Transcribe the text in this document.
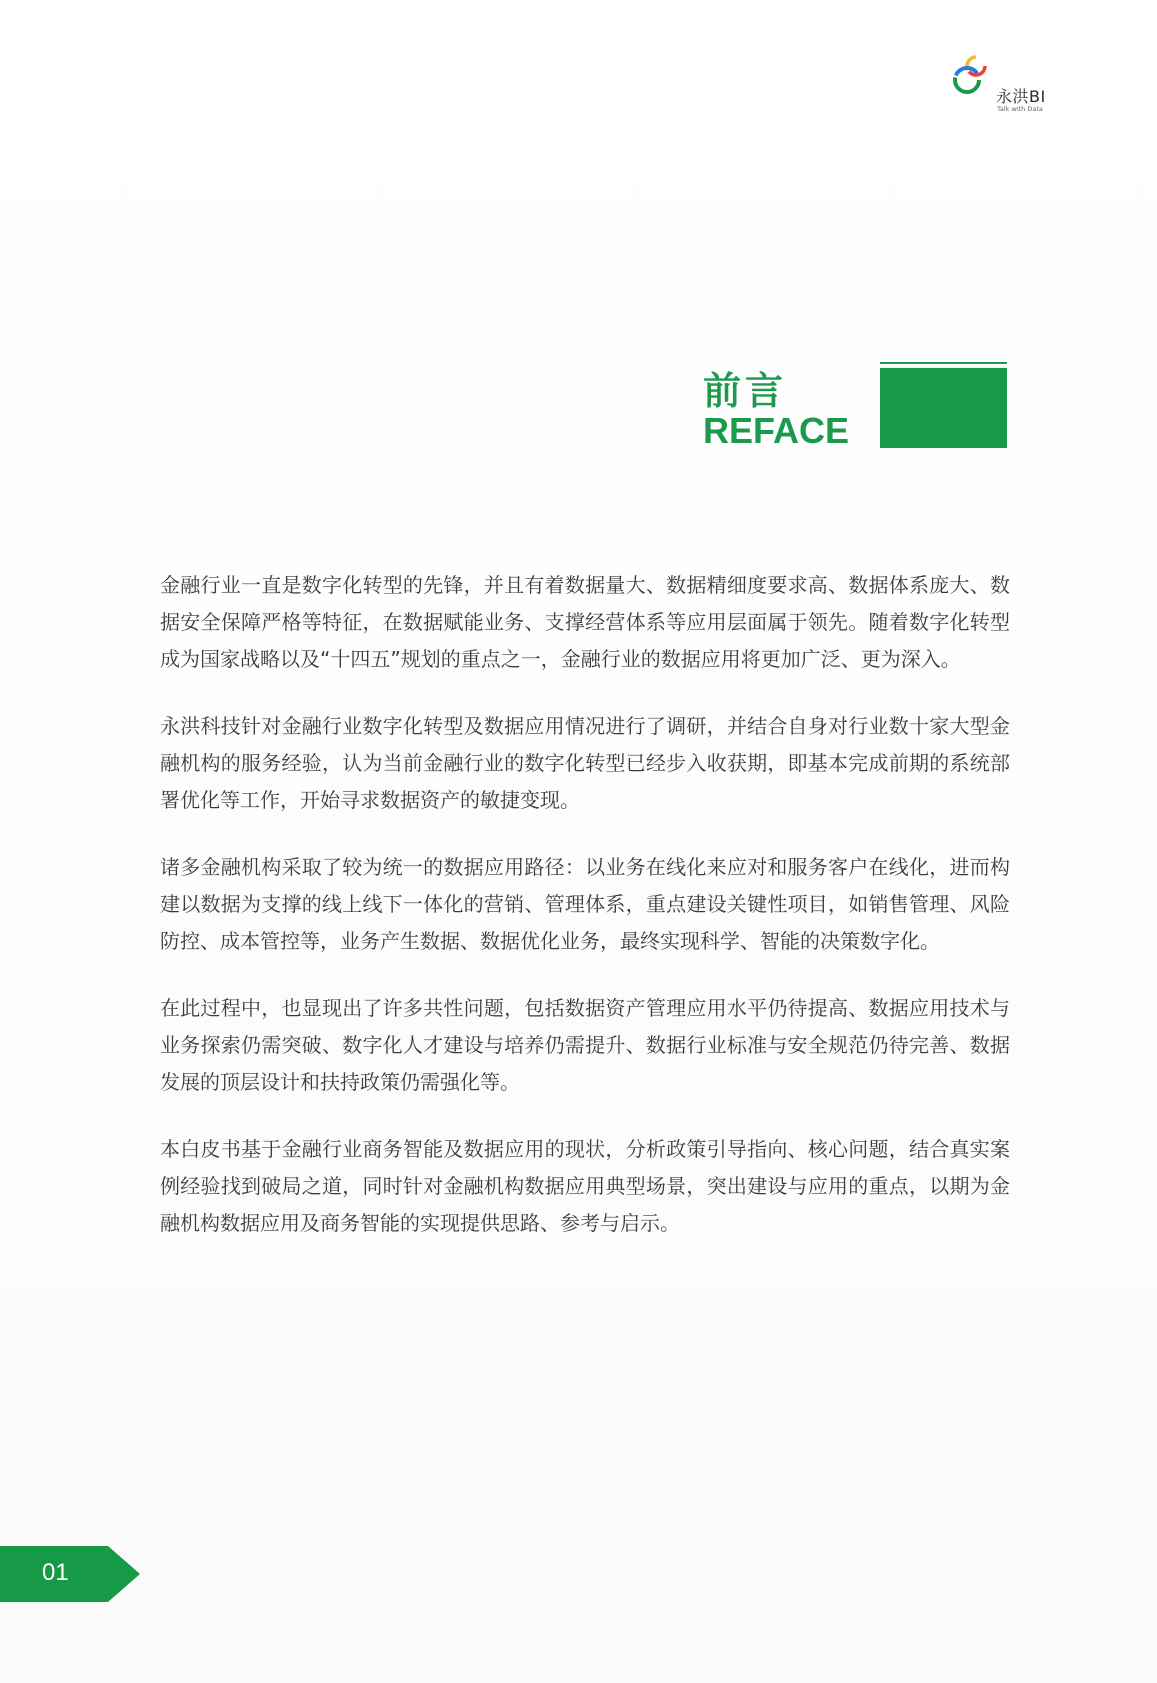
永洪BI
Talk with Data
前言
REFACE

金融行业一直是数字化转型的先锋，并且有着数据量大、数据精细度要求高、数据体系庞大、数据安全保障严格等特征，在数据赋能业务、支撑经营体系等应用层面属于领先。随着数字化转型成为国家战略以及“十四五”规划的重点之一，金融行业的数据应用将更加广泛、更为深入。

永洪科技针对金融行业数字化转型及数据应用情况进行了调研，并结合自身对行业数十家大型金融机构的服务经验，认为当前金融行业的数字化转型已经步入收获期，即基本完成前期的系统部署优化等工作，开始寻求数据资产的敏捷变现。

诸多金融机构采取了较为统一的数据应用路径：以业务在线化来应对和服务客户在线化，进而构建以数据为支撑的线上线下一体化的营销、管理体系，重点建设关键性项目，如销售管理、风险防控、成本管控等，业务产生数据、数据优化业务，最终实现科学、智能的决策数字化。

在此过程中，也显现出了许多共性问题，包括数据资产管理应用水平仍待提高、数据应用技术与业务探索仍需突破、数字化人才建设与培养仍需提升、数据行业标准与安全规范仍待完善、数据发展的顶层设计和扶持政策仍需强化等。

本白皮书基于金融行业商务智能及数据应用的现状，分析政策引导指向、核心问题，结合真实案例经验找到破局之道，同时针对金融机构数据应用典型场景，突出建设与应用的重点，以期为金融机构数据应用及商务智能的实现提供思路、参考与启示。

01
